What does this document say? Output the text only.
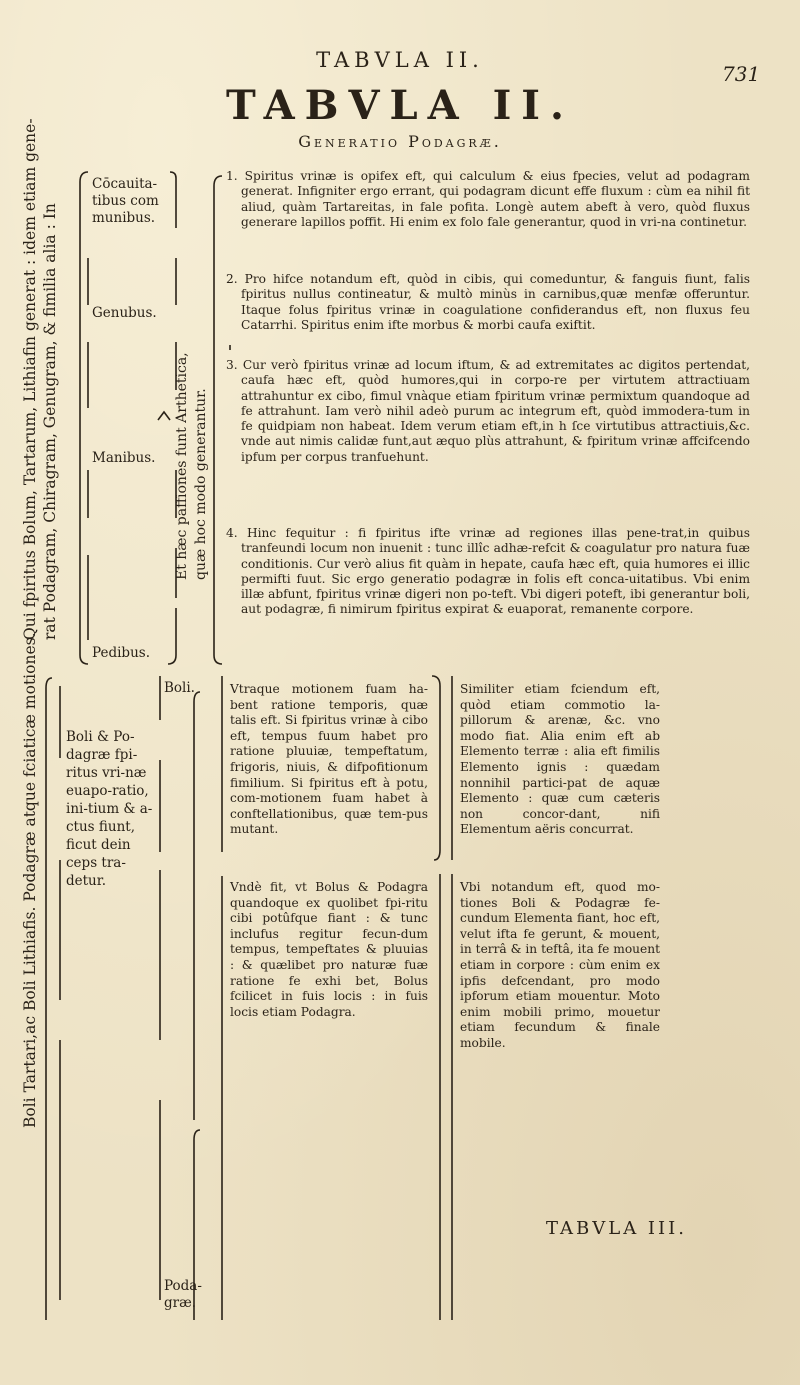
TABVLA II.
731
TABVLA II.
Generatio Podagræ.
Qui fpiritus Bolum, Tartarum, Lithiafin generat : idem etiam gene- rat Podagram, Chiragram, Genugram, & fimilia alia : In	Et hæc paffiones funt Arthetica, quæ hoc modo generantur.
Boli Tartari,ac Boli Lithiafis. Podagræ atque fciaticæ motiones.
Cōcauita-tibus com munibus.
Genubus.
Manibus.
Pedibus.
1. Spiritus vrinæ is opifex eft, qui calculum & eius fpecies, velut ad podagram generat. Infigniter ergo errant, qui podagram dicunt effe fluxum : cùm ea nihil fit aliud, quàm Tartareitas, in fale pofita. Longè autem abeft à vero, quòd fluxus generare lapillos poffit. Hi enim ex folo fale generantur, quod in vri-na continetur.
2. Pro hifce notandum eft, quòd in cibis, qui comeduntur, & fanguis fiunt, falis fpiritus nullus contineatur, & multò minùs in carnibus,quæ menfæ offeruntur. Itaque folus fpiritus vrinæ in coagulatione confiderandus eft, non fluxus feu Catarrhi. Spiritus enim ifte morbus & morbi caufa exiftit.
3. Cur verò fpiritus vrinæ ad locum iftum, & ad extremitates ac digitos pertendat, caufa hæc eft, quòd humores,qui in corpo-re per virtutem attractiuam attrahuntur ex cibo, fimul vnàque etiam fpiritum vrinæ permixtum quandoque ad fe attrahunt. Iam verò nihil adeò purum ac integrum eft, quòd immodera-tum in fe quidpiam non habeat. Idem verum etiam eft,in h ſce virtutibus attractiuis,&c. vnde aut nimis calidæ funt,aut æquo plùs attrahunt, & fpiritum vrinæ affcifcendo ipfum per corpus tranfuehunt.
4. Hinc fequitur : fi fpiritus ifte vrinæ ad regiones illas pene-trat,in quibus tranfeundi locum non inuenit : tunc illîc adhæ-refcit & coagulatur pro natura fuæ conditionis. Cur verò alius fit quàm in hepate, caufa hæc eft, quia humores ei illic permifti fuut. Sic ergo generatio podagræ in folis eft conca-uitatibus. Vbi enim illæ abfunt, fpiritus vrinæ digeri non po-teft. Vbi digeri poteft, ibi generantur boli, aut podagræ, fi nimirum fpiritus expirat & euaporat, remanente corpore.
Boli & Po-dagræ fpi-ritus vri-næ euapo-ratio, ini-tium & a-ctus fiunt, ficut dein ceps tra-detur.
Boli.
Poda-græ.
Vtraque motionem fuam ha-bent ratione temporis, quæ talis eft. Si fpiritus vrinæ à cibo eft, tempus fuum habet pro ratione pluuiæ, tempeftatum, frigoris, niuis, & difpofitionum fimilium. Si fpiritus eft à potu, com-motionem fuam habet à conftellationibus, quæ tem-pus mutant.
Vndè fit, vt Bolus & Podagra quandoque ex quolibet fpi-ritu cibi potûfque fiant : & tunc inclufus regitur fecun-dum tempus, tempeftates & pluuias : & quælibet pro naturæ fuæ ratione fe exhi bet, Bolus fcilicet in fuis locis : in fuis locis etiam Podagra.
Similiter etiam fciendum eft, quòd etiam commotio la-pillorum & arenæ, &c. vno modo fiat. Alia enim eft ab Elemento terræ : alia eft fimilis Elemento ignis : quædam nonnihil partici-pat de aquæ Elemento : quæ cum cæteris non concor-dant, nifi Elementum aëris concurrat.
Vbi notandum eft, quod mo-tiones Boli & Podagræ fe-cundum Elementa fiant, hoc eft, velut ifta fe gerunt, & mouent, in terrâ & in teftâ, ita fe mouent etiam in corpore : cùm enim ex ipfis defcendant, pro modo ipforum etiam mouentur. Moto enim mobili primo, mouetur etiam fecundum & finale mobile.
TABVLA III.
